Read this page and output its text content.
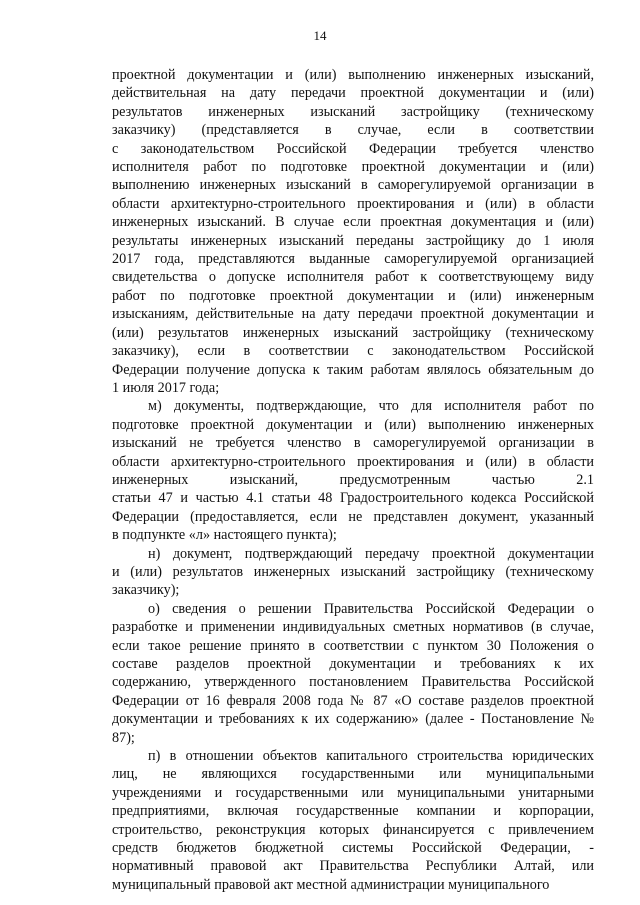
14
проектной документации и (или) выполнению инженерных изысканий,
действительная на дату передачи проектной документации и (или)
результатов инженерных изысканий застройщику (техническому
заказчику) (представляется в случае, если в соответствии
с законодательством Российской Федерации требуется членство
исполнителя работ по подготовке проектной документации и (или)
выполнению инженерных изысканий в саморегулируемой организации в
области архитектурно-строительного проектирования и (или) в области
инженерных изысканий. В случае если проектная документация и (или)
результаты инженерных изысканий переданы застройщику до 1 июля
2017 года, представляются выданные саморегулируемой организацией
свидетельства о допуске исполнителя работ к соответствующему виду
работ по подготовке проектной документации и (или) инженерным
изысканиям, действительные на дату передачи проектной документации и
(или) результатов инженерных изысканий застройщику (техническому
заказчику), если в соответствии с законодательством Российской
Федерации получение допуска к таким работам являлось обязательным до
1 июля 2017 года;
м) документы, подтверждающие, что для исполнителя работ по
подготовке проектной документации и (или) выполнению инженерных
изысканий не требуется членство в саморегулируемой организации в
области архитектурно-строительного проектирования и (или) в области
инженерных изысканий, предусмотренным частью 2.1
статьи 47 и частью 4.1 статьи 48 Градостроительного кодекса Российской
Федерации (предоставляется, если не представлен документ, указанный
в подпункте «л» настоящего пункта);
н) документ, подтверждающий передачу проектной документации
и (или) результатов инженерных изысканий застройщику (техническому
заказчику);
о) сведения о решении Правительства Российской Федерации о
разработке и применении индивидуальных сметных нормативов (в случае,
если такое решение принято в соответствии с пунктом 30 Положения о
составе разделов проектной документации и требованиях к их
содержанию, утвержденного постановлением Правительства Российской
Федерации от 16 февраля 2008 года № 87 «О составе разделов проектной
документации и требованиях к их содержанию» (далее - Постановление №
87);
п) в отношении объектов капитального строительства юридических
лиц, не являющихся государственными или муниципальными
учреждениями и государственными или муниципальными унитарными
предприятиями, включая государственные компании и корпорации,
строительство, реконструкция которых финансируется с привлечением
средств бюджетов бюджетной системы Российской Федерации, -
нормативный правовой акт Правительства Республики Алтай, или
муниципальный правовой акт местной администрации муниципального
